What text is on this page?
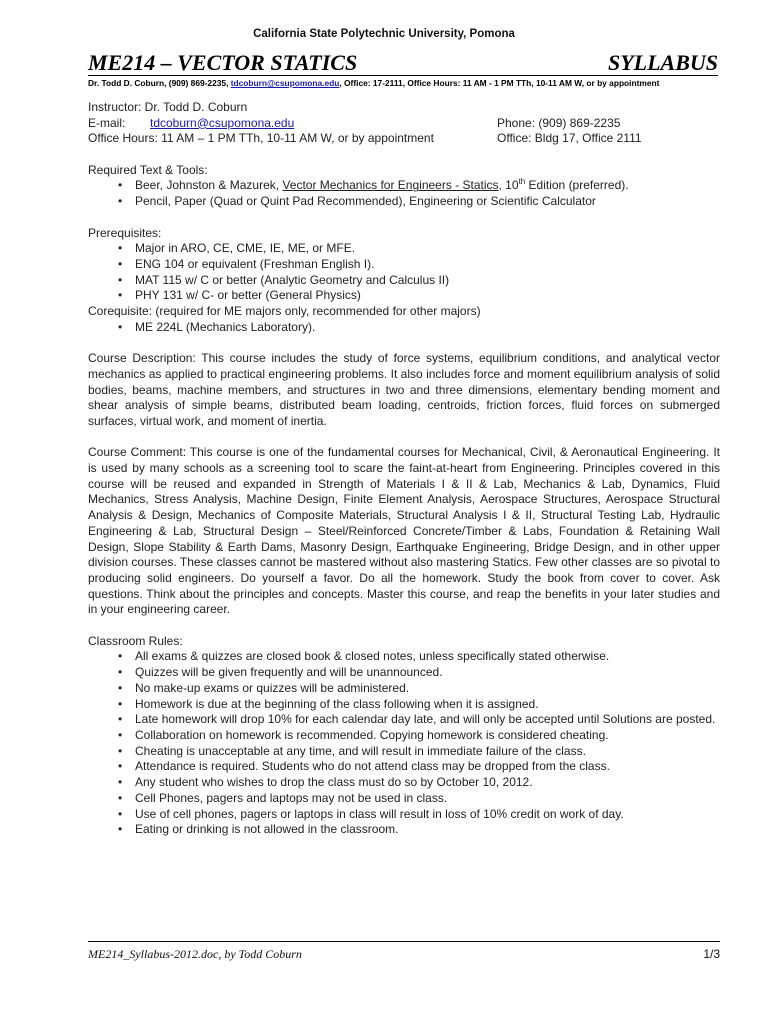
California State Polytechnic University, Pomona
ME214 – VECTOR STATICS	SYLLABUS
Dr. Todd D. Coburn, (909) 869-2235, tdcoburn@csupomona.edu, Office: 17-2111, Office Hours: 11 AM - 1 PM TTh, 10-11 AM W, or by appointment
Instructor: Dr. Todd D. Coburn
E-mail: tdcoburn@csupomona.edu	Phone: (909) 869-2235
Office Hours: 11 AM – 1 PM TTh, 10-11 AM W, or by appointment	Office: Bldg 17, Office 2111
Required Text & Tools:
• Beer, Johnston & Mazurek, Vector Mechanics for Engineers - Statics, 10th Edition (preferred).
• Pencil, Paper (Quad or Quint Pad Recommended), Engineering or Scientific Calculator
Prerequisites:
• Major in ARO, CE, CME, IE, ME, or MFE.
• ENG 104 or equivalent (Freshman English I).
• MAT 115 w/ C or better (Analytic Geometry and Calculus II)
• PHY 131 w/ C- or better (General Physics)
Corequisite: (required for ME majors only, recommended for other majors)
• ME 224L (Mechanics Laboratory).

Course Description: This course includes the study of force systems, equilibrium conditions, and analytical vector mechanics as applied to practical engineering problems. It also includes force and moment equilibrium analysis of solid bodies, beams, machine members, and structures in two and three dimensions, elementary bending moment and shear analysis of simple beams, distributed beam loading, centroids, friction forces, fluid forces on submerged surfaces, virtual work, and moment of inertia.

Course Comment: This course is one of the fundamental courses for Mechanical, Civil, & Aeronautical Engineering. It is used by many schools as a screening tool to scare the faint-at-heart from Engineering. Principles covered in this course will be reused and expanded in Strength of Materials I & II & Lab, Mechanics & Lab, Dynamics, Fluid Mechanics, Stress Analysis, Machine Design, Finite Element Analysis, Aerospace Structures, Aerospace Structural Analysis & Design, Mechanics of Composite Materials, Structural Analysis I & II, Structural Testing Lab, Hydraulic Engineering & Lab, Structural Design – Steel/Reinforced Concrete/Timber & Labs, Foundation & Retaining Wall Design, Slope Stability & Earth Dams, Masonry Design, Earthquake Engineering, Bridge Design, and in other upper division courses. These classes cannot be mastered without also mastering Statics. Few other classes are so pivotal to producing solid engineers. Do yourself a favor. Do all the homework. Study the book from cover to cover. Ask questions. Think about the principles and concepts. Master this course, and reap the benefits in your later studies and in your engineering career.

Classroom Rules:
• All exams & quizzes are closed book & closed notes, unless specifically stated otherwise.
• Quizzes will be given frequently and will be unannounced.
• No make-up exams or quizzes will be administered.
• Homework is due at the beginning of the class following when it is assigned.
• Late homework will drop 10% for each calendar day late, and will only be accepted until Solutions are posted.
• Collaboration on homework is recommended. Copying homework is considered cheating.
• Cheating is unacceptable at any time, and will result in immediate failure of the class.
• Attendance is required. Students who do not attend class may be dropped from the class.
• Any student who wishes to drop the class must do so by October 10, 2012.
• Cell Phones, pagers and laptops may not be used in class.
• Use of cell phones, pagers or laptops in class will result in loss of 10% credit on work of day.
• Eating or drinking is not allowed in the classroom.
ME214_Syllabus-2012.doc, by Todd Coburn	1/3
